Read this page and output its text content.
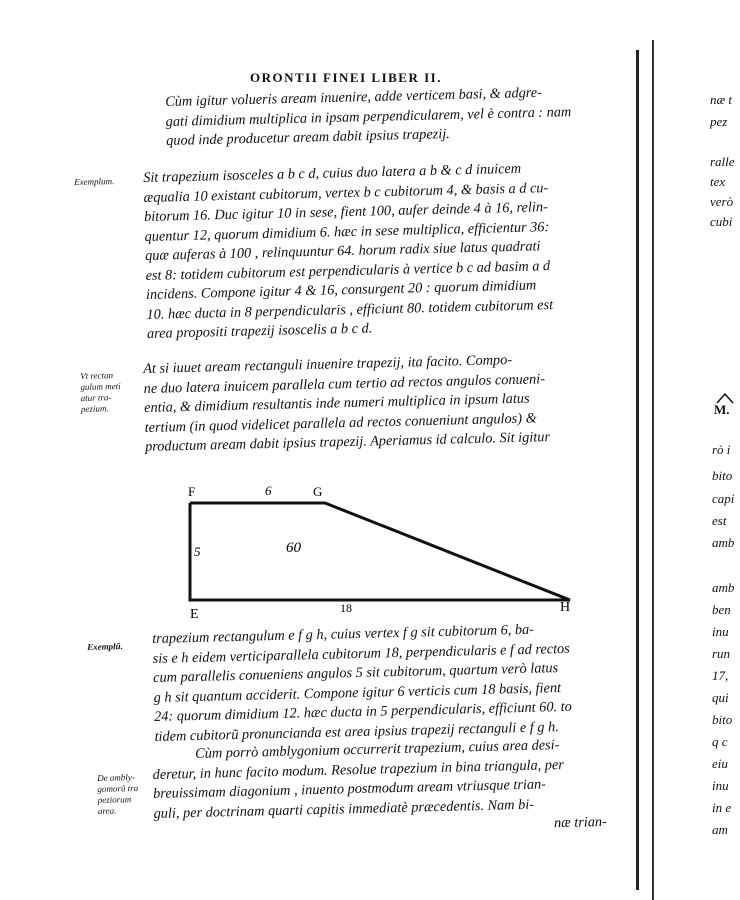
ORONTII FINEI LIBER II.
Cùm igitur volueris aream inuenire, adde verticem basi, & adgre-
gati dimidium multiplica in ipsam perpendicularem, vel è contra : nam
quod inde producetur aream dabit ipsius trapezij.
Sit trapezium isosceles a b c d, cuius duo latera a b & c d inuicem
æqualia 10 existant cubitorum, vertex b c cubitorum 4, & basis a d cu-
bitorum 16. Duc igitur 10 in sese, fient 100, aufer deinde 4 à 16, relin-
quentur 12, quorum dimidium 6. hæc in sese multiplica, efficientur 36:
quæ auferas à 100 , relinquuntur 64. horum radix siue latus quadrati
est 8: totidem cubitorum est perpendicularis à vertice b c ad basim a d
incidens. Compone igitur 4 & 16, consurgent 20 : quorum dimidium
10. hæc ducta in 8 perpendicularis , efficiunt 80. totidem cubitorum est
area propositi trapezij isoscelis a b c d.
At si iuuet aream rectanguli inuenire trapezij, ita facito. Compo-
ne duo latera inuicem parallela cum tertio ad rectos angulos conueni-
entia, & dimidium resultantis inde numeri multiplica in ipsum latus
tertium (in quod videlicet parallela ad rectos conueniunt angulos) &
productum aream dabit ipsius trapezij. Aperiamus id calculo. Sit igitur
F	G
E	H
6
5
18
60
trapezium rectangulum e f g h, cuius vertex f g sit cubitorum 6, ba-
sis e h eidem verticiparallela cubitorum 18, perpendicularis e f ad rectos
cum parallelis conueniens angulos 5 sit cubitorum, quartum verò latus
g h sit quantum acciderit. Compone igitur 6 verticis cum 18 basis, fient
24: quorum dimidium 12. hæc ducta in 5 perpendicularis, efficiunt 60. to
tidem cubitorũ pronuncianda est area ipsius trapezij rectanguli e f g h.
Cùm porrò amblygonium occurrerit trapezium, cuius area desi-
deretur, in hunc facito modum. Resolue trapezium in bina triangula, per
breuissimam diagonium , inuento postmodum aream vtriusque trian-
guli, per doctrinam quarti capitis immediatè præcedentis. Nam bi-
næ trian-
Exemplum.
Vt rectan
gulum meti
atur tra-
pezium.
Exemplũ.
De ambly-
gomorũ tra
peziorum
area.
næ t
pez
ralle
tex
verò
cubi
M.
rò i
bito
capi
est
amb
amb
ben
inu
run
17,
qui
bito
q c
eiu
inu
in e
am
